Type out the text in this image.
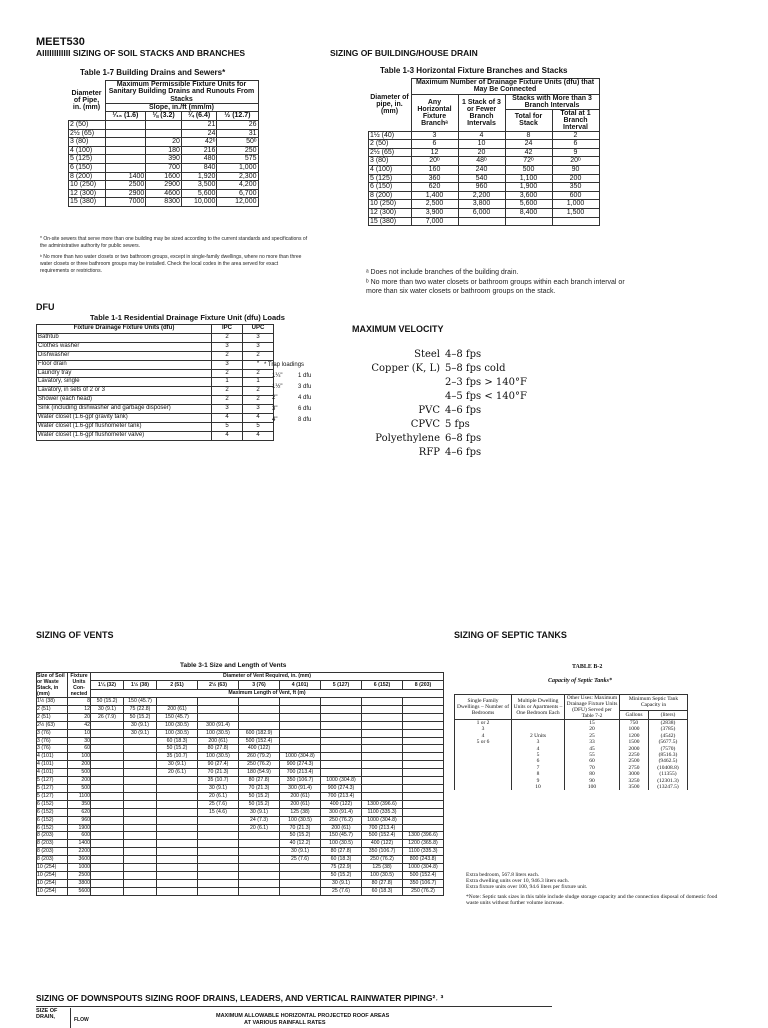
MEET530
AIIIIIIIIIIII SIZING OF SOIL STACKS AND BRANCHES	SIZING OF BUILDING/HOUSE DRAIN
Table 1-7 Building Drains and Sewers*
Diameter of Pipe, in. (mm)	Maximum Permissible Fixture Units for Sanitary Building Drains and Runouts From Stacks			
	Slope, in./ft (mm/m)			
	¹⁄₁₆ (1.6)	⅛ (3.2)	¼ (6.4)	½ (12.7)
2 (50)			21	26
2½ (65)			24	31
3 (80)		20	42ᵇ	50ᵇ
4 (100)		180	216	250
5 (125)		390	480	575
6 (150)		700	840	1,000
8 (200)	1400	1600	1,920	2,300
10 (250)	2500	2900	3,500	4,200
12 (300)	2900	4600	5,600	6,700
15 (380)	7000	8300	10,000	12,000
* On-site sewers that serve more than one building may be sized according to the current standards and specifications of the administrative authority for public sewers.
ᵇ No more than two water closets or two bathroom groups, except in single-family dwellings, where no more than three water closets or three bathroom groups may be installed. Check the local codes in the area served for exact requirements or restrictions.
Table 1-3 Horizontal Fixture Branches and Stacks
Diameter of pipe, in. (mm)	Maximum Number of Drainage Fixture Units (dfu) that May Be Connected			
	Any Horizontal Fixture Branchᵃ	1 Stack of 3 or Fewer Branch Intervals	Stacks with More than 3 Branch Intervals	
			Total for Stack	Total at 1 Branch Interval
1½ (40)	3	4	8	2
2 (50)	6	10	24	6
2½ (65)	12	20	42	9
3 (80)	20ᵇ	48ᵇ	72ᵇ	20ᵇ
4 (100)	160	240	500	90
5 (125)	360	540	1,100	200
6 (150)	620	960	1,900	350
8 (200)	1,400	2,200	3,600	600
10 (250)	2,500	3,800	5,600	1,000
12 (300)	3,900	6,000	8,400	1,500
15 (380)	7,000			
ᵃ Does not include branches of the building drain.
ᵇ No more than two water closets or bathroom groups within each branch interval or more than six water closets or bathroom groups on the stack.
DFU
Table 1-1 Residential Drainage Fixture Unit (dfu) Loads
Fixture Drainage Fixture Units (dfu)	IPC	UPC
Bathtub	2	3
Clothes washer	3	3
Dishwasher	2	2
Floor drain	3	*
Laundry tray	2	2
Lavatory, single	1	1
Lavatory, in sets of 2 or 3	2	2
Shower (each head)	2	2
Sink (including dishwasher and garbage disposer)	3	3
Water closet (1.6-gpf gravity tank)	4	4
Water closet (1.6-gpf flushometer tank)	5	5
Water closet (1.6-gpf flushometer valve)	4	4
* Trap loadings
1¼"	1 dfu
1½"	3 dfu
2"	4 dfu
3"	6 dfu
4"	8 dfu
MAXIMUM VELOCITY
Steel 4–8 fps
Copper (K, L) 5–8 fps cold
2–3 fps > 140°F
4–5 fps < 140°F
PVC 4–6 fps
CPVC 5 fps
Polyethylene 6–8 fps
RFP 4–6 fps
SIZING OF VENTS
Table 3-1 Size and Length of Vents
Size of Soil or Waste Stack, in (mm)	Fixture Units Con-nected	Diameter of Vent Required, in. (mm)								
		1¼ (32)	1½ (38)	2 (51)	2½ (63)	3 (76)	4 (101)	5 (127)	6 (152)	8 (203)
		Maximum Length of Vent, ft (m)								
1½ (38)	8	50 (15.2)	150 (45.7)							
2 (51)	12	30 (9.1)	75 (22.8)	200 (61)						
2 (51)	20	26 (7.9)	50 (15.2)	150 (45.7)						
2½ (63)	42		30 (9.1)	100 (30.5)	300 (91.4)					
3 (76)	10		30 (9.1)	100 (30.5)	100 (30.5)	600 (182.9)				
3 (76)	30			60 (18.3)	200 (61)	500 (152.4)				
3 (76)	60			50 (15.2)	80 (27.8)	400 (122)				
4 (101)	100			35 (10.7)	100 (30.5)	260 (79.2)	1000 (304.8)			
4 (101)	200			30 (9.1)	90 (27.4)	250 (76.2)	900 (274.3)			
4 (101)	500			20 (6.1)	70 (21.3)	180 (54.9)	700 (213.4)			
5 (127)	200				35 (10.7)	80 (27.8)	350 (106.7)	1000 (304.8)		
5 (127)	500				30 (9.1)	70 (21.3)	300 (91.4)	900 (274.3)		
5 (127)	1100				20 (6.1)	50 (15.2)	200 (61)	700 (213.4)		
6 (152)	350				25 (7.6)	50 (15.2)	200 (61)	400 (122)	1300 (396.6)	
6 (152)	620				15 (4.6)	30 (9.1)	125 (38)	300 (91.4)	1100 (335.3)	
6 (152)	960					24 (7.3)	100 (30.5)	250 (76.2)	1000 (304.8)	
6 (152)	1900					20 (6.1)	70 (21.3)	200 (61)	700 (213.4)	
8 (203)	600						50 (15.2)	150 (45.7)	500 (152.4)	1300 (396.6)
8 (203)	1400						40 (12.2)	100 (30.5)	400 (122)	1200 (365.8)
8 (203)	2200						30 (9.1)	80 (27.8)	350 (106.7)	1100 (335.3)
8 (203)	3600						25 (7.6)	60 (18.3)	250 (76.2)	800 (243.8)
10 (254)	1000							75 (22.9)	125 (38)	1000 (304.8)
10 (254)	2500							50 (15.2)	100 (30.5)	500 (152.4)
10 (254)	3800							30 (9.1)	80 (27.8)	350 (106.7)
10 (254)	5600							25 (7.6)	60 (18.3)	250 (76.2)
SIZING OF SEPTIC TANKS
TABLE B-2
Capacity of Septic Tanks*
Single Family Dwellings – Number of Bedrooms	Multiple Dwelling Units or Apartments – One Bedroom Each	Other Uses: Maximum Drainage Fixture Units (DFU) Served per Table 7-2	Minimum Septic Tank Capacity in	
			Gallons	(liters)
1 or 2		15	750	(2838)
3		20	1000	(3785)
4	2 Units	25	1200	(4542)
5 or 6	3	33	1500	(5677.5)
	4	45	2000	(7570)
	5	55	2250	(8516.3)
	6	60	2500	(9462.5)
	7	70	2750	(10408.8)
	8	80	3000	(11355)
	9	90	3250	(12301.3)
	10	100	3500	(13247.5)
Extra bedroom, 567.8 liters each.
Extra dwelling units over 10, 946.3 liters each.
Extra fixture units over 100, 94.6 liters per fixture unit.
*Note: Septic tank sizes in this table include sludge storage capacity and the connection disposal of domestic food waste units without further volume increase.
SIZING OF DOWNSPOUTS SIZING ROOF DRAINS, LEADERS, AND VERTICAL RAINWATER PIPING²˒ ³
SIZE OF DRAIN,	FLOW
MAXIMUM ALLOWABLE HORIZONTAL PROJECTED ROOF AREAS
AT VARIOUS RAINFALL RATES
